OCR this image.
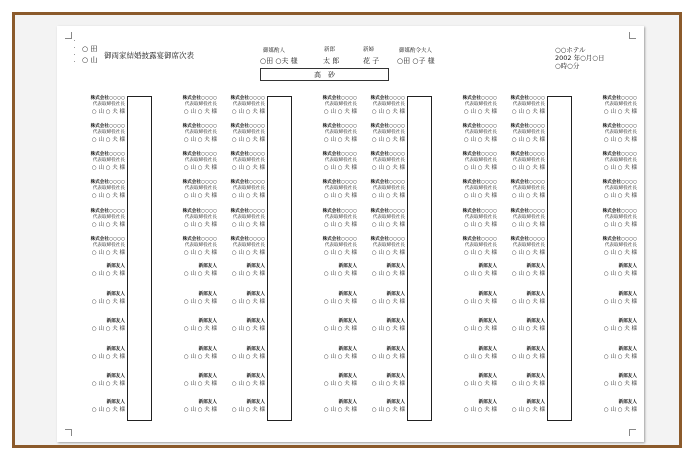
○ 田
○ 山 御両家結婚披露宴御席次表	御媒酌人
○田 ○夫 様
新郎
太 郎
新婦
花 子
御媒酌令夫人
○田 ○子 様
○○ホテル
2002 年○月○日
○時○分
高　砂
株式会社○○○○
代表取締役社長
○ 山 ○ 夫 様
株式会社○○○○
代表取締役社長
○ 山 ○ 夫 様
株式会社○○○○
代表取締役社長
○ 山 ○ 夫 様
株式会社○○○○
代表取締役社長
○ 山 ○ 夫 様
株式会社○○○○
代表取締役社長
○ 山 ○ 夫 様
株式会社○○○○
代表取締役社長
○ 山 ○ 夫 様
新郎友人
○ 山 ○ 夫 様
新郎友人
○ 山 ○ 夫 様
新郎友人
○ 山 ○ 夫 様
新郎友人
○ 山 ○ 夫 様
新郎友人
○ 山 ○ 夫 様
新郎友人
○ 山 ○ 夫 様
株式会社○○○○
代表取締役社長
○ 山 ○ 夫 様
株式会社○○○○
代表取締役社長
○ 山 ○ 夫 様
株式会社○○○○
代表取締役社長
○ 山 ○ 夫 様
株式会社○○○○
代表取締役社長
○ 山 ○ 夫 様
株式会社○○○○
代表取締役社長
○ 山 ○ 夫 様
株式会社○○○○
代表取締役社長
○ 山 ○ 夫 様
新郎友人
○ 山 ○ 夫 様
新郎友人
○ 山 ○ 夫 様
新郎友人
○ 山 ○ 夫 様
新郎友人
○ 山 ○ 夫 様
新郎友人
○ 山 ○ 夫 様
新郎友人
○ 山 ○ 夫 様
株式会社○○○○
代表取締役社長
○ 山 ○ 夫 様
株式会社○○○○
代表取締役社長
○ 山 ○ 夫 様
株式会社○○○○
代表取締役社長
○ 山 ○ 夫 様
株式会社○○○○
代表取締役社長
○ 山 ○ 夫 様
株式会社○○○○
代表取締役社長
○ 山 ○ 夫 様
株式会社○○○○
代表取締役社長
○ 山 ○ 夫 様
新郎友人
○ 山 ○ 夫 様
新郎友人
○ 山 ○ 夫 様
新郎友人
○ 山 ○ 夫 様
新郎友人
○ 山 ○ 夫 様
新郎友人
○ 山 ○ 夫 様
新郎友人
○ 山 ○ 夫 様
株式会社○○○○
代表取締役社長
○ 山 ○ 夫 様
株式会社○○○○
代表取締役社長
○ 山 ○ 夫 様
株式会社○○○○
代表取締役社長
○ 山 ○ 夫 様
株式会社○○○○
代表取締役社長
○ 山 ○ 夫 様
株式会社○○○○
代表取締役社長
○ 山 ○ 夫 様
株式会社○○○○
代表取締役社長
○ 山 ○ 夫 様
新郎友人
○ 山 ○ 夫 様
新郎友人
○ 山 ○ 夫 様
新郎友人
○ 山 ○ 夫 様
新郎友人
○ 山 ○ 夫 様
新郎友人
○ 山 ○ 夫 様
新郎友人
○ 山 ○ 夫 様
株式会社○○○○
代表取締役社長
○ 山 ○ 夫 様
株式会社○○○○
代表取締役社長
○ 山 ○ 夫 様
株式会社○○○○
代表取締役社長
○ 山 ○ 夫 様
株式会社○○○○
代表取締役社長
○ 山 ○ 夫 様
株式会社○○○○
代表取締役社長
○ 山 ○ 夫 様
株式会社○○○○
代表取締役社長
○ 山 ○ 夫 様
新郎友人
○ 山 ○ 夫 様
新郎友人
○ 山 ○ 夫 様
新郎友人
○ 山 ○ 夫 様
新郎友人
○ 山 ○ 夫 様
新郎友人
○ 山 ○ 夫 様
新郎友人
○ 山 ○ 夫 様
株式会社○○○○
代表取締役社長
○ 山 ○ 夫 様
株式会社○○○○
代表取締役社長
○ 山 ○ 夫 様
株式会社○○○○
代表取締役社長
○ 山 ○ 夫 様
株式会社○○○○
代表取締役社長
○ 山 ○ 夫 様
株式会社○○○○
代表取締役社長
○ 山 ○ 夫 様
株式会社○○○○
代表取締役社長
○ 山 ○ 夫 様
新郎友人
○ 山 ○ 夫 様
新郎友人
○ 山 ○ 夫 様
新郎友人
○ 山 ○ 夫 様
新郎友人
○ 山 ○ 夫 様
新郎友人
○ 山 ○ 夫 様
新郎友人
○ 山 ○ 夫 様
株式会社○○○○
代表取締役社長
○ 山 ○ 夫 様
株式会社○○○○
代表取締役社長
○ 山 ○ 夫 様
株式会社○○○○
代表取締役社長
○ 山 ○ 夫 様
株式会社○○○○
代表取締役社長
○ 山 ○ 夫 様
株式会社○○○○
代表取締役社長
○ 山 ○ 夫 様
株式会社○○○○
代表取締役社長
○ 山 ○ 夫 様
新郎友人
○ 山 ○ 夫 様
新郎友人
○ 山 ○ 夫 様
新郎友人
○ 山 ○ 夫 様
新郎友人
○ 山 ○ 夫 様
新郎友人
○ 山 ○ 夫 様
新郎友人
○ 山 ○ 夫 様
株式会社○○○○
代表取締役社長
○ 山 ○ 夫 様
株式会社○○○○
代表取締役社長
○ 山 ○ 夫 様
株式会社○○○○
代表取締役社長
○ 山 ○ 夫 様
株式会社○○○○
代表取締役社長
○ 山 ○ 夫 様
株式会社○○○○
代表取締役社長
○ 山 ○ 夫 様
株式会社○○○○
代表取締役社長
○ 山 ○ 夫 様
新郎友人
○ 山 ○ 夫 様
新郎友人
○ 山 ○ 夫 様
新郎友人
○ 山 ○ 夫 様
新郎友人
○ 山 ○ 夫 様
新郎友人
○ 山 ○ 夫 様
新郎友人
○ 山 ○ 夫 様
